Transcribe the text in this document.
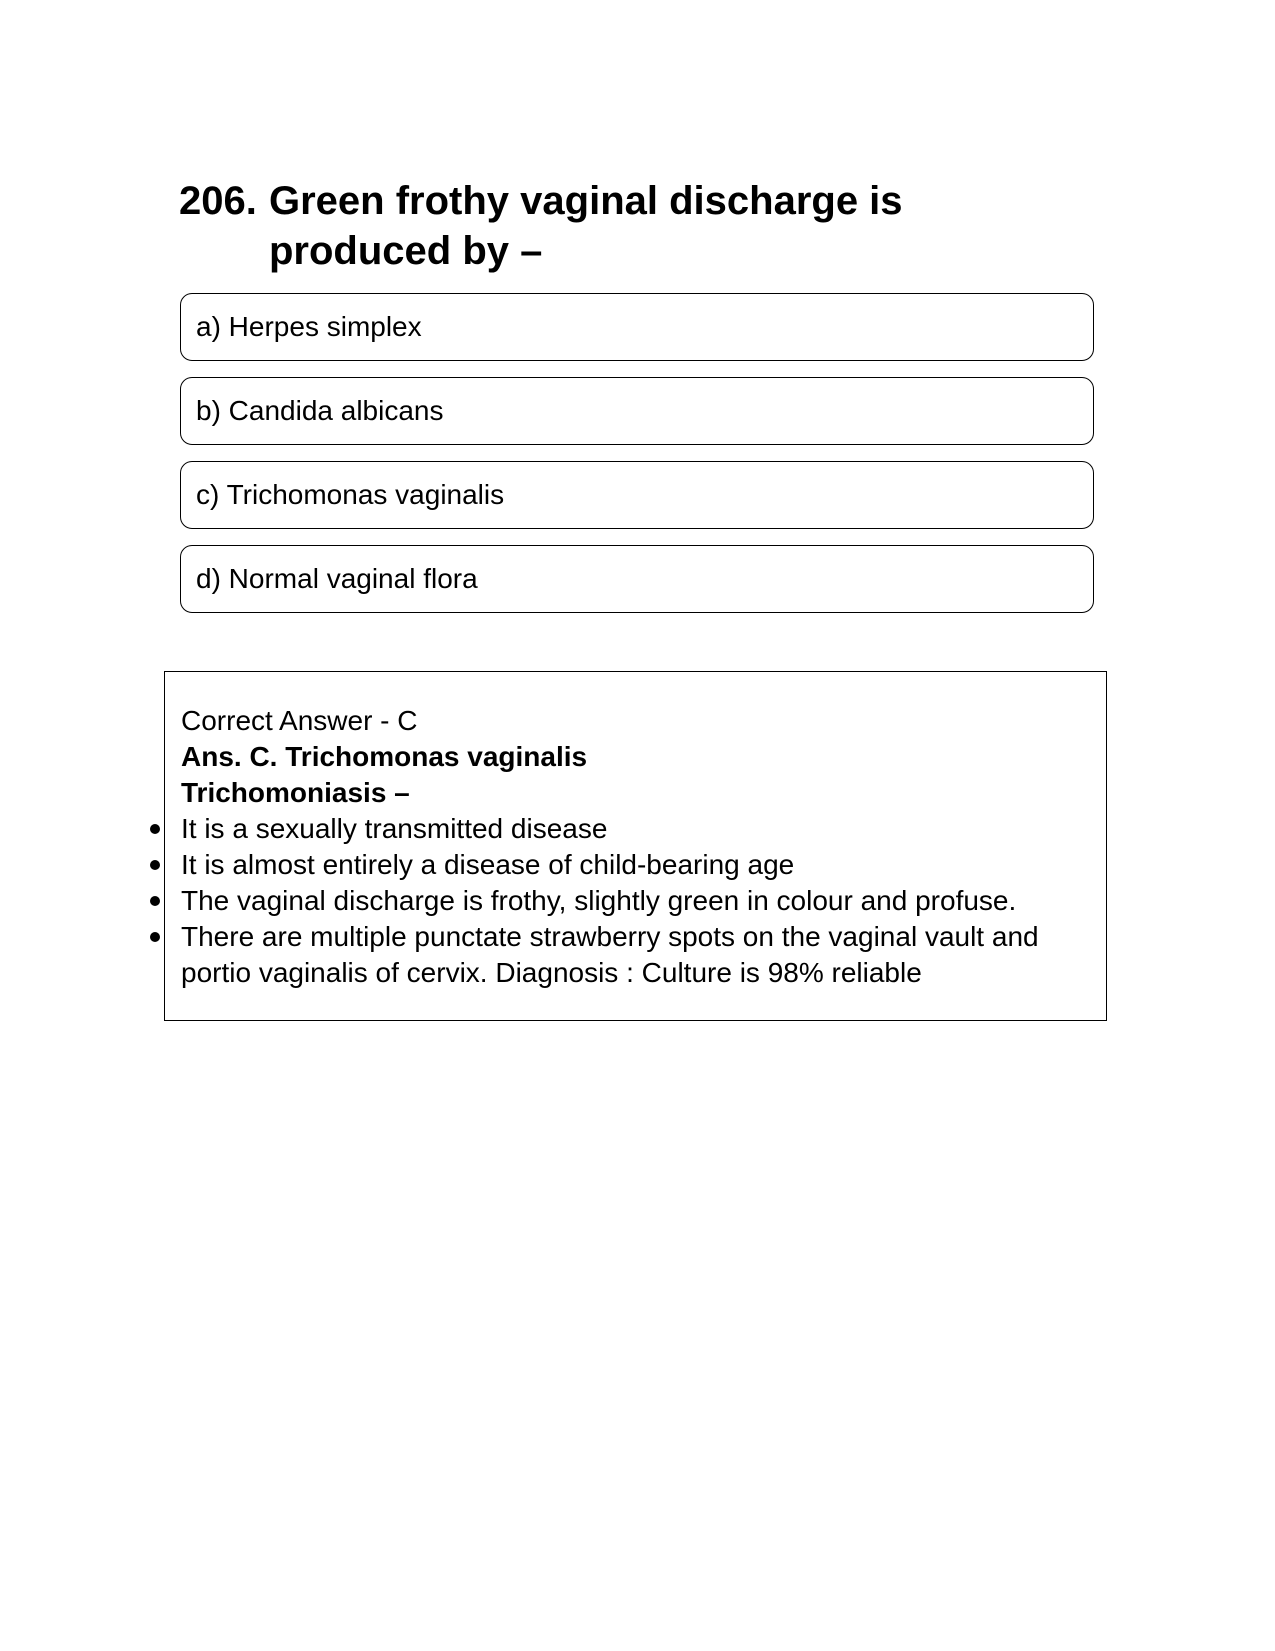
206. Green frothy vaginal discharge is produced by –
a) Herpes simplex
b) Candida albicans
c) Trichomonas vaginalis
d) Normal vaginal flora
Correct Answer - C
Ans. C. Trichomonas vaginalis
Trichomoniasis –
It is a sexually transmitted disease
It is almost entirely a disease of child-bearing age
The vaginal discharge is frothy, slightly green in colour and profuse.
There are multiple punctate strawberry spots on the vaginal vault and portio vaginalis of cervix. Diagnosis : Culture is 98% reliable
